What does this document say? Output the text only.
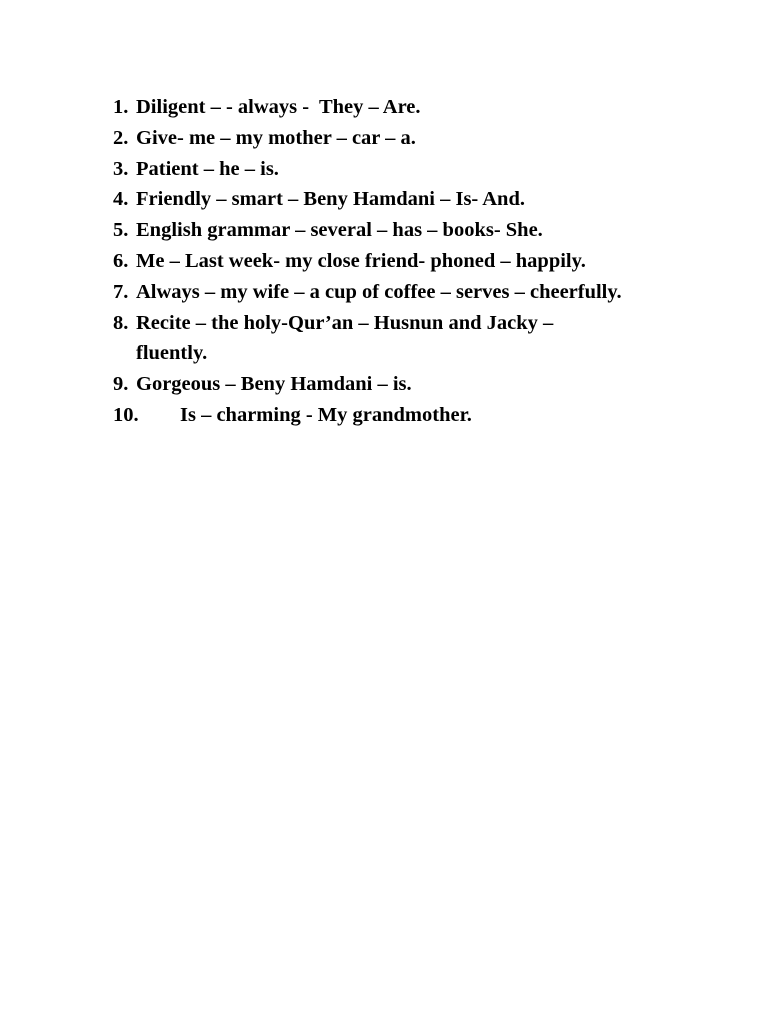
1. Diligent – - always -  They – Are.
2. Give- me – my mother – car – a.
3. Patient – he – is.
4. Friendly – smart – Beny Hamdani – Is- And.
5. English grammar – several – has – books- She.
6. Me – Last week- my close friend- phoned – happily.
7. Always – my wife – a cup of coffee – serves – cheerfully.
8. Recite – the holy-Qur’an – Husnun and Jacky –
fluently.
9. Gorgeous – Beny Hamdani – is.
10. Is – charming - My grandmother.
